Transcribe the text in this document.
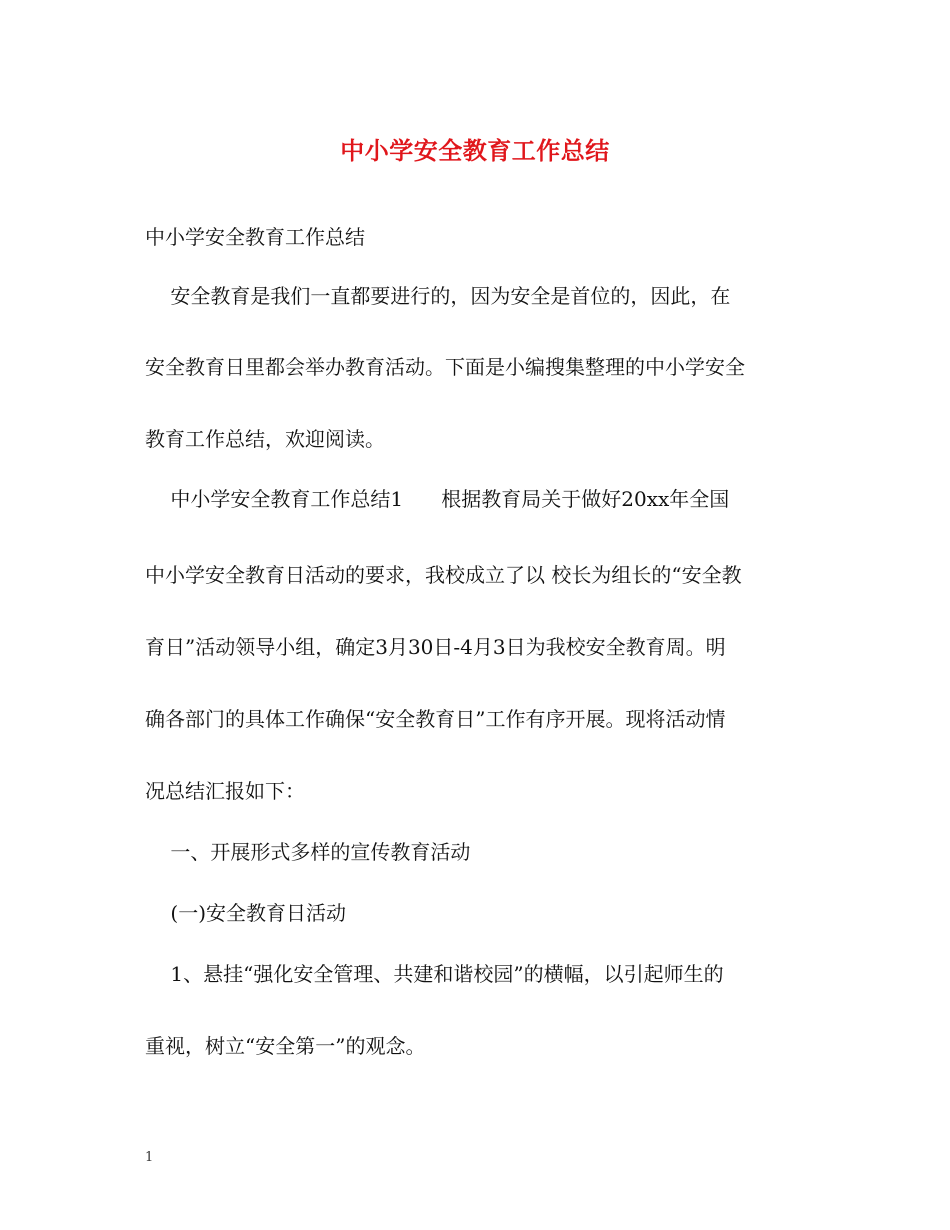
中小学安全教育工作总结
中小学安全教育工作总结
安全教育是我们一直都要进行的，因为安全是首位的，因此，在
安全教育日里都会举办教育活动。下面是小编搜集整理的中小学安全
教育工作总结，欢迎阅读。
中小学安全教育工作总结1      根据教育局关于做好20xx年全国
中小学安全教育日活动的要求，我校成立了以 校长为组长的“安全教
育日”活动领导小组，确定3月30日-4月3日为我校安全教育周。明
确各部门的具体工作确保“安全教育日”工作有序开展。现将活动情
况总结汇报如下：
一、开展形式多样的宣传教育活动
(一)安全教育日活动
1、悬挂“强化安全管理、共建和谐校园”的横幅，以引起师生的
重视，树立“安全第一”的观念。
1
